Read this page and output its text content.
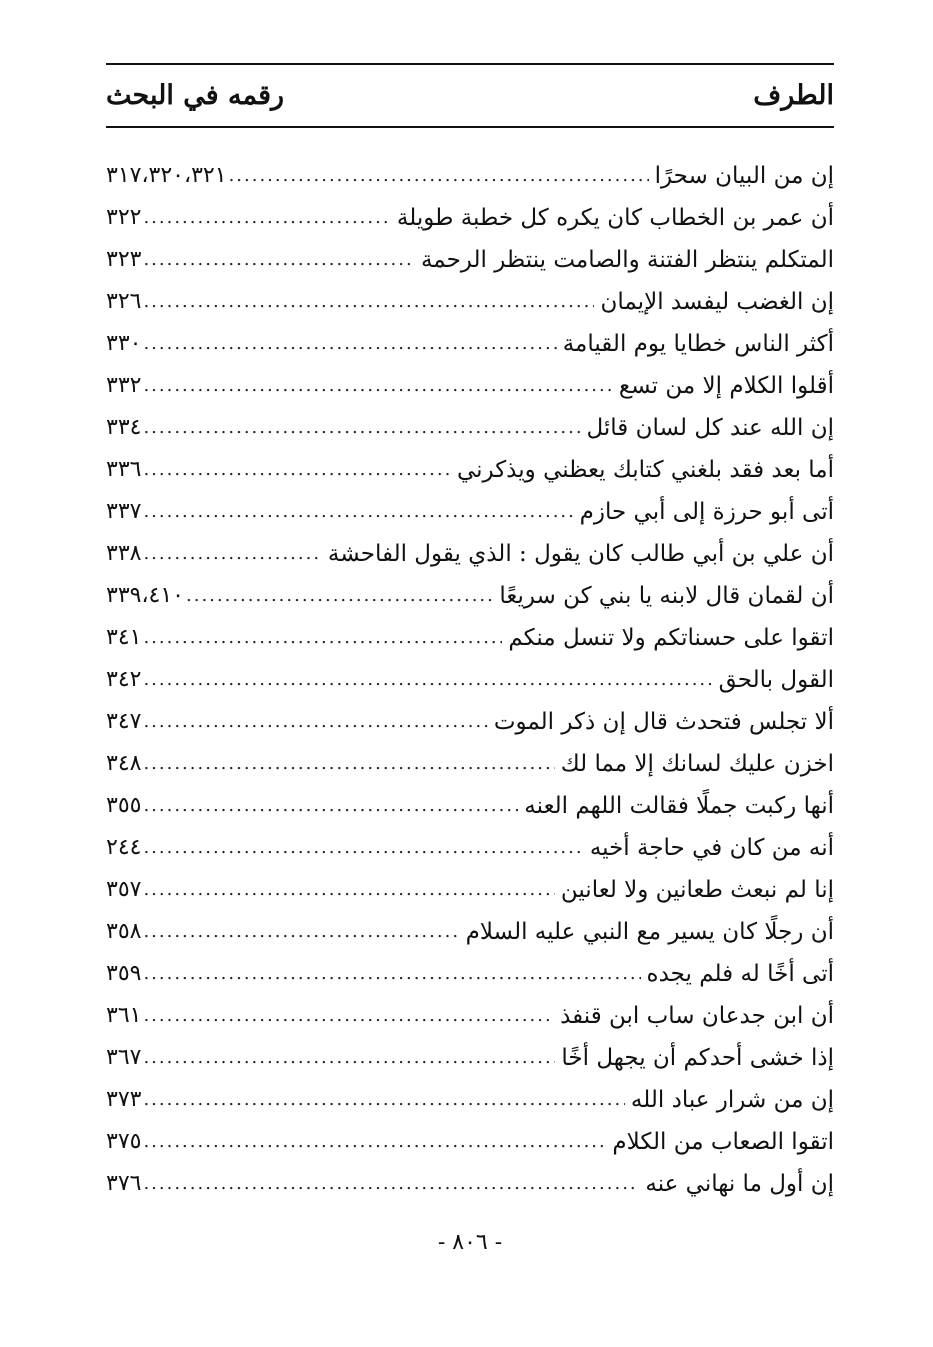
الطرف
رقمه في البحث
إن من البيان سحرًا
.....
٣١٧،٣٢٠،٣٢١
أن عمر بن الخطاب كان يكره كل خطبة طويلة
.....
٣٢٢
المتكلم ينتظر الفتنة والصامت ينتظر الرحمة
.....
٣٢٣
إن الغضب ليفسد الإيمان
.....
٣٢٦
أكثر الناس خطايا يوم القيامة
.....
٣٣٠
أقلوا الكلام إلا من تسع
.....
٣٣٢
إن الله عند كل لسان قائل
.....
٣٣٤
أما بعد فقد بلغني كتابك يعظني ويذكرني
.....
٣٣٦
أتى أبو حرزة إلى أبي حازم
.....
٣٣٧
أن علي بن أبي طالب كان يقول : الذي يقول الفاحشة
.....
٣٣٨
أن لقمان قال لابنه يا بني كن سريعًا
.....
٣٣٩،٤١٠
اتقوا على حسناتكم ولا تنسل منكم
.....
٣٤١
القول بالحق
.....
٣٤٢
ألا تجلس فتحدث قال إن ذكر الموت
.....
٣٤٧
اخزن عليك لسانك إلا مما لك
.....
٣٤٨
أنها ركبت جملًا فقالت اللهم العنه
.....
٣٥٥
أنه من كان في حاجة أخيه
.....
٢٤٤
إنا لم نبعث طعانين ولا لعانين
.....
٣٥٧
أن رجلًا كان يسير مع النبي عليه السلام
.....
٣٥٨
أتى أخًا له فلم يجده
.....
٣٥٩
أن ابن جدعان ساب ابن قنفذ
.....
٣٦١
إذا خشى أحدكم أن يجهل أخًا
.....
٣٦٧
إن من شرار عباد الله
.....
٣٧٣
اتقوا الصعاب من الكلام
.....
٣٧٥
إن أول ما نهاني عنه
.....
٣٧٦
- ٨٠٦ -
